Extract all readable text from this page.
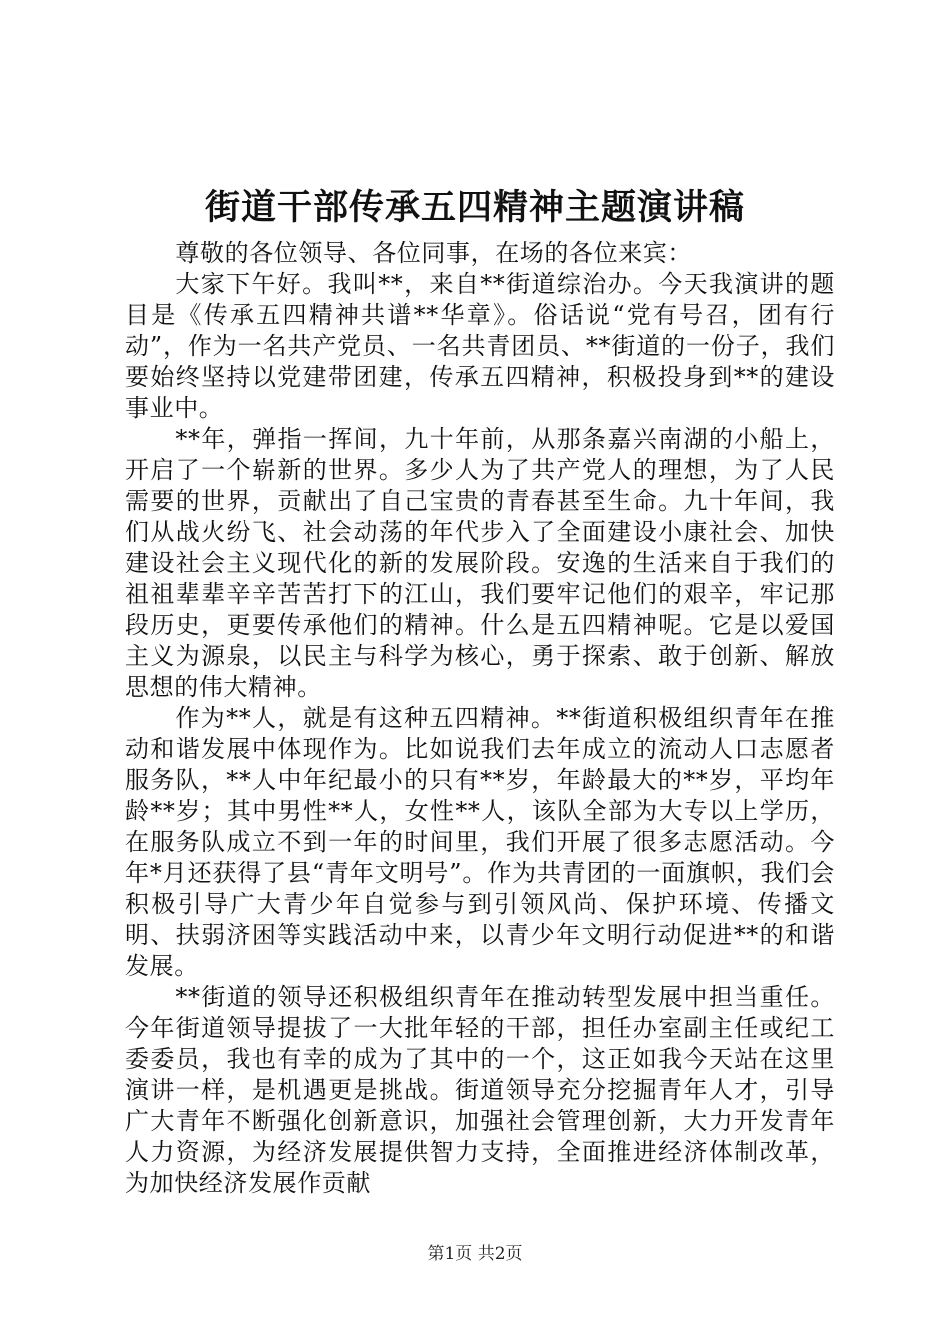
街道干部传承五四精神主题演讲稿

尊敬的各位领导、各位同事，在场的各位来宾：

大家下午好。我叫**，来自**街道综治办。今天我演讲的题目是《传承五四精神共谱**华章》。俗话说“党有号召，团有行动”，作为一名共产党员、一名共青团员、**街道的一份子，我们要始终坚持以党建带团建，传承五四精神，积极投身到**的建设事业中。

**年，弹指一挥间，九十年前，从那条嘉兴南湖的小船上，开启了一个崭新的世界。多少人为了共产党人的理想，为了人民需要的世界，贡献出了自己宝贵的青春甚至生命。九十年间，我们从战火纷飞、社会动荡的年代步入了全面建设小康社会、加快建设社会主义现代化的新的发展阶段。安逸的生活来自于我们的祖祖辈辈辛辛苦苦打下的江山，我们要牢记他们的艰辛，牢记那段历史，更要传承他们的精神。什么是五四精神呢。它是以爱国主义为源泉，以民主与科学为核心，勇于探索、敢于创新、解放思想的伟大精神。

作为**人，就是有这种五四精神。**街道积极组织青年在推动和谐发展中体现作为。比如说我们去年成立的流动人口志愿者服务队，**人中年纪最小的只有**岁，年龄最大的**岁，平均年龄**岁；其中男性**人，女性**人，该队全部为大专以上学历，在服务队成立不到一年的时间里，我们开展了很多志愿活动。今年*月还获得了县“青年文明号”。作为共青团的一面旗帜，我们会积极引导广大青少年自觉参与到引领风尚、保护环境、传播文明、扶弱济困等实践活动中来，以青少年文明行动促进**的和谐发展。

**街道的领导还积极组织青年在推动转型发展中担当重任。今年街道领导提拔了一大批年轻的干部，担任办室副主任或纪工委委员，我也有幸的成为了其中的一个，这正如我今天站在这里演讲一样，是机遇更是挑战。街道领导充分挖掘青年人才，引导广大青年不断强化创新意识，加强社会管理创新，大力开发青年人力资源，为经济发展提供智力支持，全面推进经济体制改革，为加快经济发展作贡献

第1页 共2页
